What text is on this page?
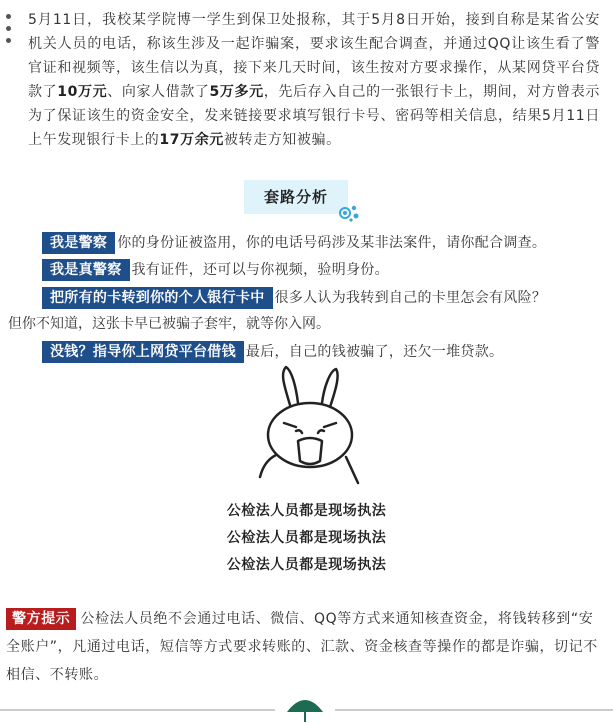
5月11日，我校某学院博一学生到保卫处报称，其于5月8日开始，接到自称是某省公安机关人员的电话，称该生涉及一起诈骗案，要求该生配合调查，并通过QQ让该生看了警官证和视频等，该生信以为真，接下来几天时间，该生按对方要求操作，从某网贷平台贷款了10万元、向家人借款了5万多元，先后存入自己的一张银行卡上，期间，对方曾表示为了保证该生的资金安全，发来链接要求填写银行卡号、密码等相关信息，结果5月11日上午发现银行卡上的17万余元被转走方知被骗。
套路分析
我是警察 你的身份证被盗用，你的电话号码涉及某非法案件，请你配合调查。
我是真警察 我有证件，还可以与你视频，验明身份。
把所有的卡转到你的个人银行卡中 很多人认为我转到自己的卡里怎会有风险？
但你不知道，这张卡早已被骗子套牢，就等你入网。
没钱？指导你上网贷平台借钱 最后，自己的钱被骗了，还欠一堆贷款。
公检法人员都是现场执法
公检法人员都是现场执法
公检法人员都是现场执法
警方提示 公检法人员绝不会通过电话、微信、QQ等方式来通知核查资金，将钱转移到“安全账户”，凡通过电话，短信等方式要求转账的、汇款、资金核查等操作的都是诈骗，切记不相信、不转账。
